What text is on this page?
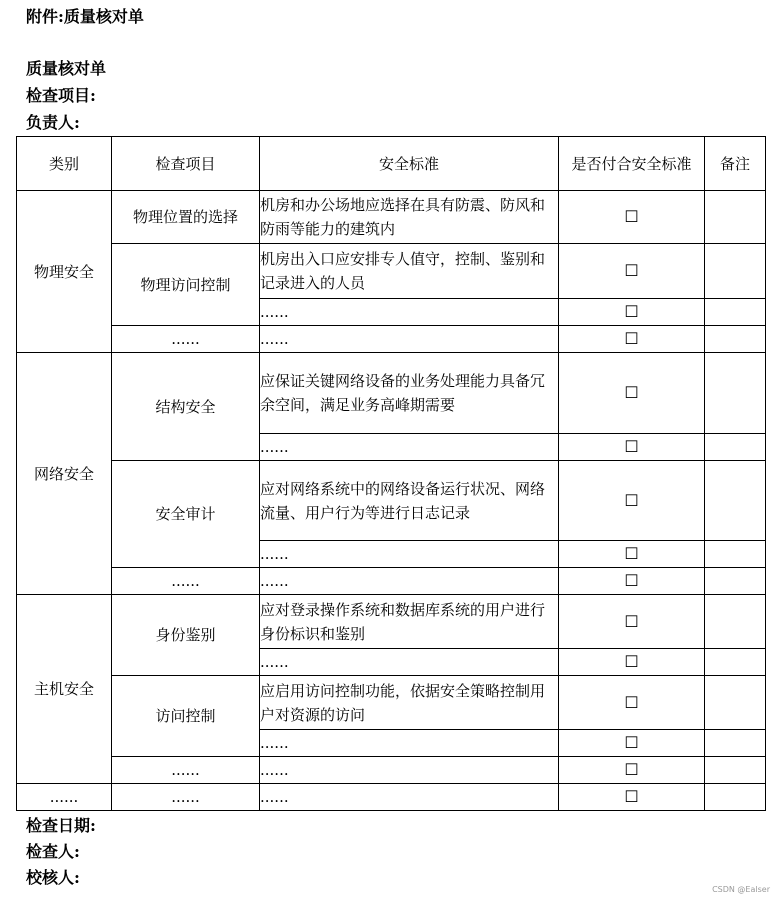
附件:质量核对单
质量核对单
检查项目:
负责人:
类别	检查项目	安全标准	是否付合安全标准	备注
物理安全	物理位置的选择	机房和办公场地应选择在具有防震、防风和防雨等能力的建筑内	☐	
	物理访问控制	机房出入口应安排专人值守，控制、鉴别和记录进入的人员	☐	
		......	☐	
	......	......	☐	
网络安全	结构安全	应保证关键网络设备的业务处理能力具备冗余空间，满足业务高峰期需要	☐	
		......	☐	
	安全审计	应对网络系统中的网络设备运行状况、网络流量、用户行为等进行日志记录	☐	
		......	☐	
	......	......	☐	
主机安全	身份鉴别	应对登录操作系统和数据库系统的用户进行身份标识和鉴别	☐	
		......	☐	
	访问控制	应启用访问控制功能，依据安全策略控制用户对资源的访问	☐	
		......	☐	
	......	......	☐	
......	......	......	☐	
检查日期:
检查人:
校核人:
CSDN @Ealser
